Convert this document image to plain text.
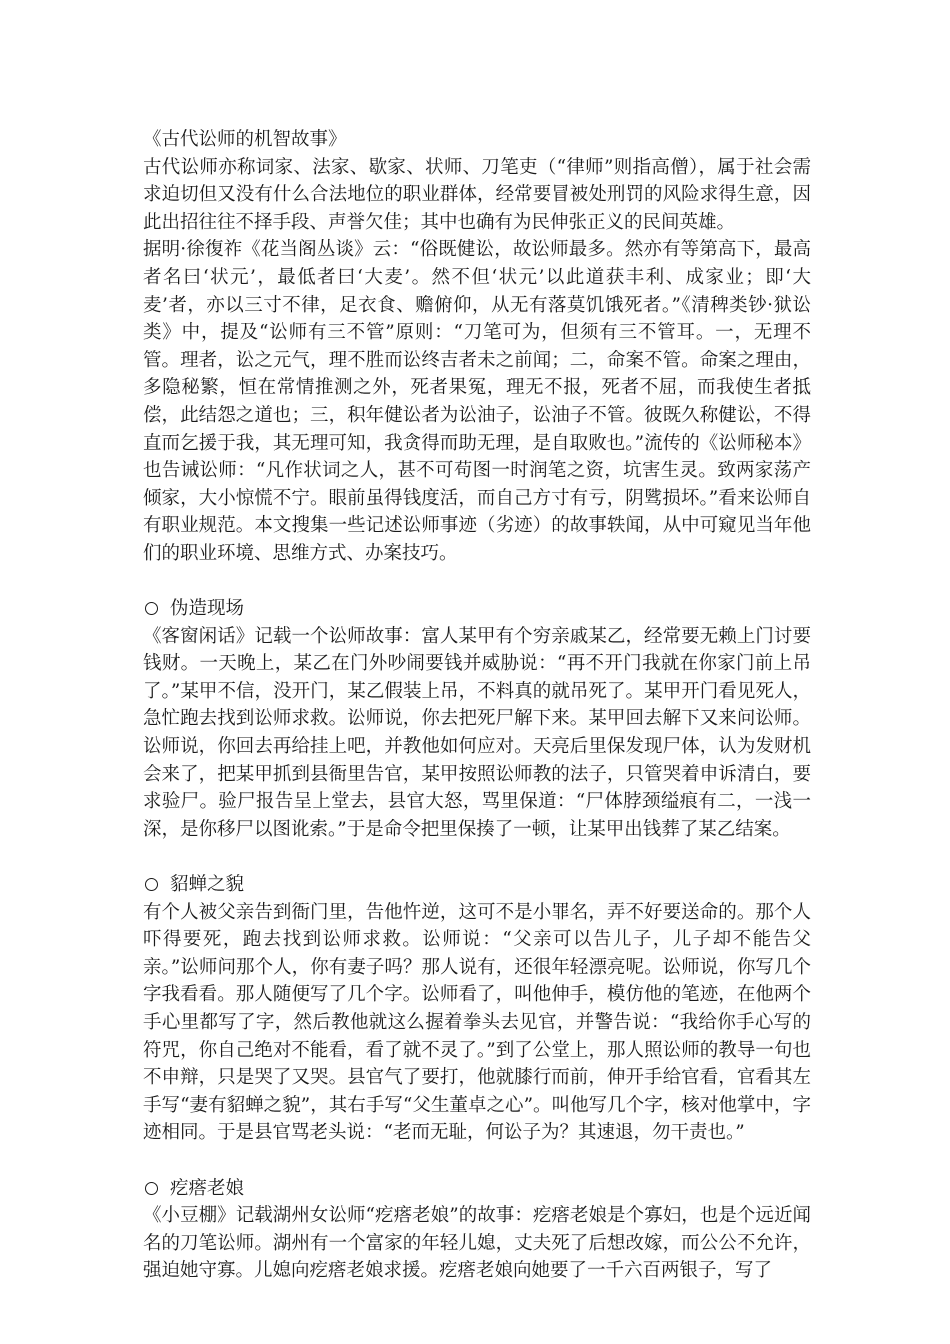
《古代讼师的机智故事》

古代讼师亦称词家、法家、歇家、状师、刀笔吏（“律师”则指高僧），属于社会需求迫切但又没有什么合法地位的职业群体，经常要冒被处刑罚的风险求得生意，因此出招往往不择手段、声誉欠佳；其中也确有为民伸张正义的民间英雄。

据明·徐復祚《花当阁丛谈》云：“俗既健讼，故讼师最多。然亦有等第高下，最高者名曰‘状元’，最低者曰‘大麦’。然不但‘状元’以此道获丰利、成家业；即‘大麦’者，亦以三寸不律，足衣食、赡俯仰，从无有落莫饥饿死者。”《清稗类钞·狱讼类》中，提及“讼师有三不管”原则：“刀笔可为，但须有三不管耳。一，无理不管。理者，讼之元气，理不胜而讼终吉者未之前闻；二，命案不管。命案之理由，多隐秘繁，恒在常情推测之外，死者果冤，理无不报，死者不屈，而我使生者抵偿，此结怨之道也；三，积年健讼者为讼油子，讼油子不管。彼既久称健讼，不得直而乞援于我，其无理可知，我贪得而助无理，是自取败也。”流传的《讼师秘本》也告诫讼师：“凡作状词之人，甚不可苟图一时润笔之资，坑害生灵。致两家荡产倾家，大小惊慌不宁。眼前虽得钱度活，而自己方寸有亏，阴骘损坏。”看来讼师自有职业规范。本文搜集一些记述讼师事迹（劣迹）的故事轶闻，从中可窥见当年他们的职业环境、思维方式、办案技巧。

伪造现场

《客窗闲话》记载一个讼师故事：富人某甲有个穷亲戚某乙，经常要无赖上门讨要钱财。一天晚上，某乙在门外吵闹要钱并威胁说：“再不开门我就在你家门前上吊了。”某甲不信，没开门，某乙假装上吊，不料真的就吊死了。某甲开门看见死人，急忙跑去找到讼师求救。讼师说，你去把死尸解下来。某甲回去解下又来问讼师。讼师说，你回去再给挂上吧，并教他如何应对。天亮后里保发现尸体，认为发财机会来了，把某甲抓到县衙里告官，某甲按照讼师教的法子，只管哭着申诉清白，要求验尸。验尸报告呈上堂去，县官大怒，骂里保道：“尸体脖颈缢痕有二，一浅一深，是你移尸以图讹索。”于是命令把里保揍了一顿，让某甲出钱葬了某乙结案。

貂蝉之貌

有个人被父亲告到衙门里，告他忤逆，这可不是小罪名，弄不好要送命的。那个人吓得要死，跑去找到讼师求救。讼师说：“父亲可以告儿子，儿子却不能告父亲。”讼师问那个人，你有妻子吗？那人说有，还很年轻漂亮呢。讼师说，你写几个字我看看。那人随便写了几个字。讼师看了，叫他伸手，模仿他的笔迹，在他两个手心里都写了字，然后教他就这么握着拳头去见官，并警告说：“我给你手心写的符咒，你自己绝对不能看，看了就不灵了。”到了公堂上，那人照讼师的教导一句也不申辩，只是哭了又哭。县官气了要打，他就膝行而前，伸开手给官看，官看其左手写“妻有貂蝉之貌”，其右手写“父生董卓之心”。叫他写几个字，核对他掌中，字迹相同。于是县官骂老头说：“老而无耻，何讼子为？其速退，勿干责也。”

疙瘩老娘

《小豆棚》记载湖州女讼师“疙瘩老娘”的故事：疙瘩老娘是个寡妇，也是个远近闻名的刀笔讼师。湖州有一个富家的年轻儿媳，丈夫死了后想改嫁，而公公不允许，强迫她守寡。儿媳向疙瘩老娘求援。疙瘩老娘向她要了一千六百两银子，写了
